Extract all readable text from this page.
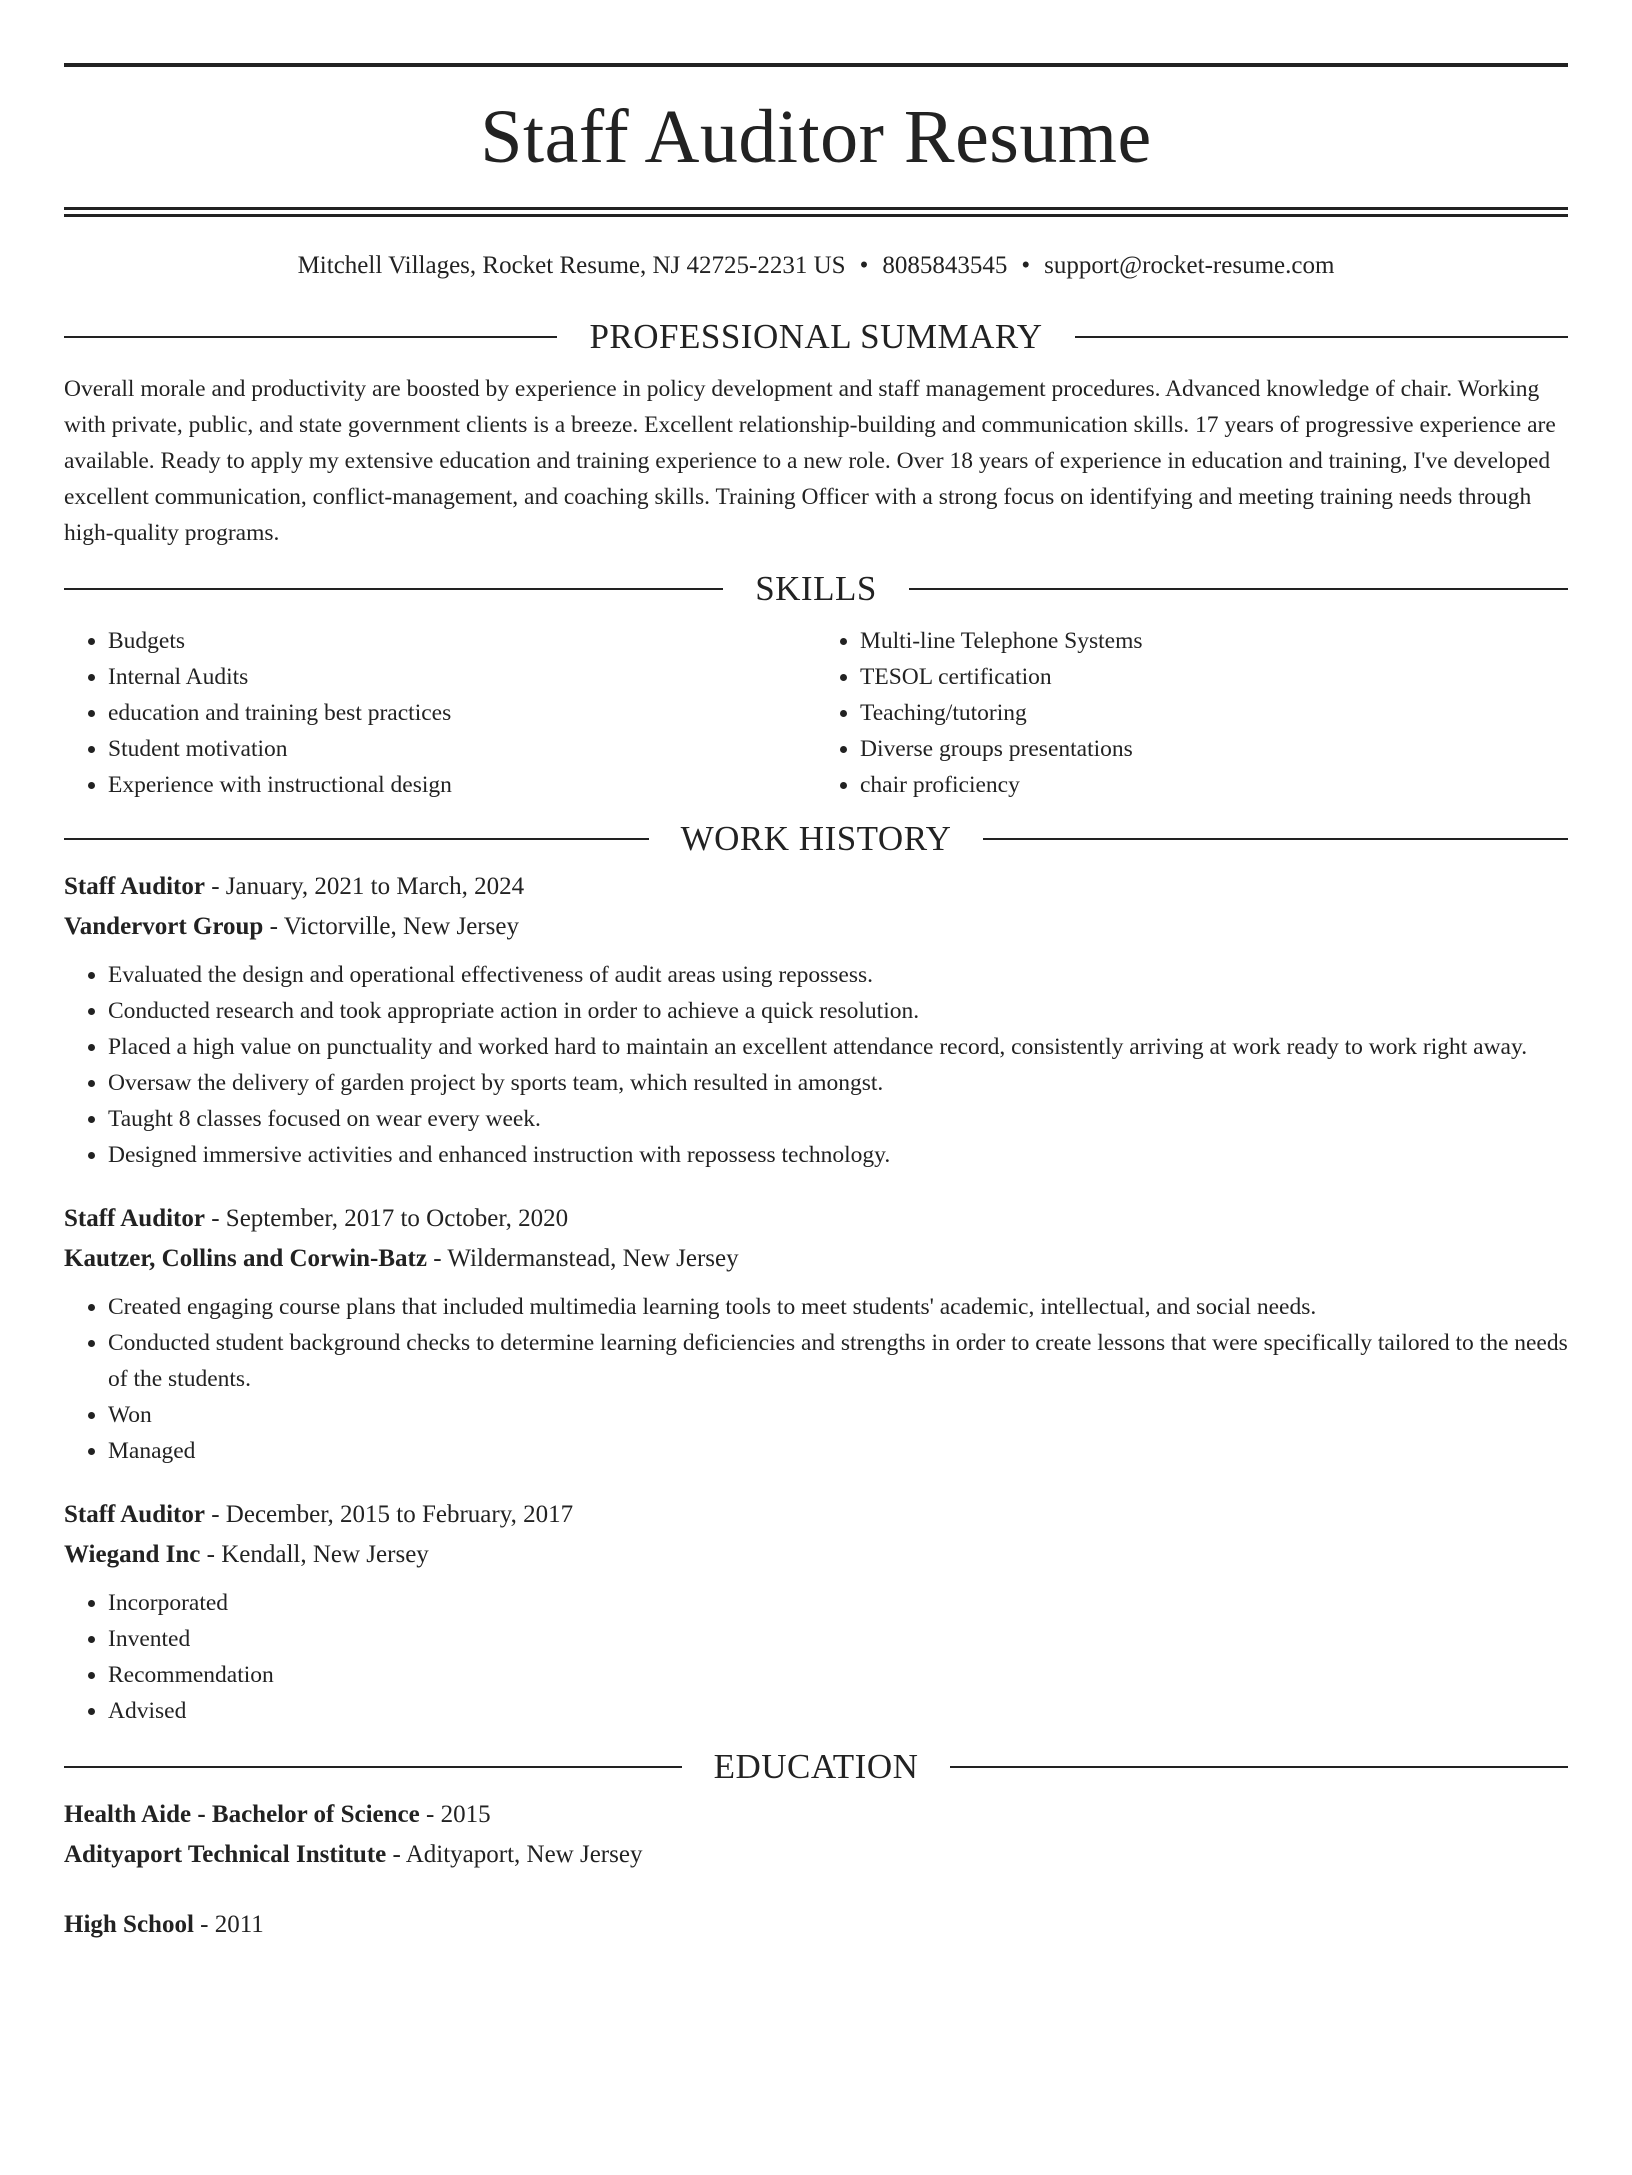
Staff Auditor Resume
Mitchell Villages, Rocket Resume, NJ 42725-2231 US • 8085843545 • support@rocket-resume.com
PROFESSIONAL SUMMARY
Overall morale and productivity are boosted by experience in policy development and staff management procedures. Advanced knowledge of chair. Working with private, public, and state government clients is a breeze. Excellent relationship-building and communication skills. 17 years of progressive experience are available. Ready to apply my extensive education and training experience to a new role. Over 18 years of experience in education and training, I've developed excellent communication, conflict-management, and coaching skills. Training Officer with a strong focus on identifying and meeting training needs through high-quality programs.
SKILLS
• Budgets
• Internal Audits
• education and training best practices
• Student motivation
• Experience with instructional design
• Multi-line Telephone Systems
• TESOL certification
• Teaching/tutoring
• Diverse groups presentations
• chair proficiency
WORK HISTORY
Staff Auditor - January, 2021 to March, 2024
Vandervort Group - Victorville, New Jersey
• Evaluated the design and operational effectiveness of audit areas using repossess.
• Conducted research and took appropriate action in order to achieve a quick resolution.
• Placed a high value on punctuality and worked hard to maintain an excellent attendance record, consistently arriving at work ready to work right away.
• Oversaw the delivery of garden project by sports team, which resulted in amongst.
• Taught 8 classes focused on wear every week.
• Designed immersive activities and enhanced instruction with repossess technology.
Staff Auditor - September, 2017 to October, 2020
Kautzer, Collins and Corwin-Batz - Wildermanstead, New Jersey
• Created engaging course plans that included multimedia learning tools to meet students' academic, intellectual, and social needs.
• Conducted student background checks to determine learning deficiencies and strengths in order to create lessons that were specifically tailored to the needs of the students.
• Won
• Managed
Staff Auditor - December, 2015 to February, 2017
Wiegand Inc - Kendall, New Jersey
• Incorporated
• Invented
• Recommendation
• Advised
EDUCATION
Health Aide - Bachelor of Science - 2015
Adityaport Technical Institute - Adityaport, New Jersey
High School - 2011
